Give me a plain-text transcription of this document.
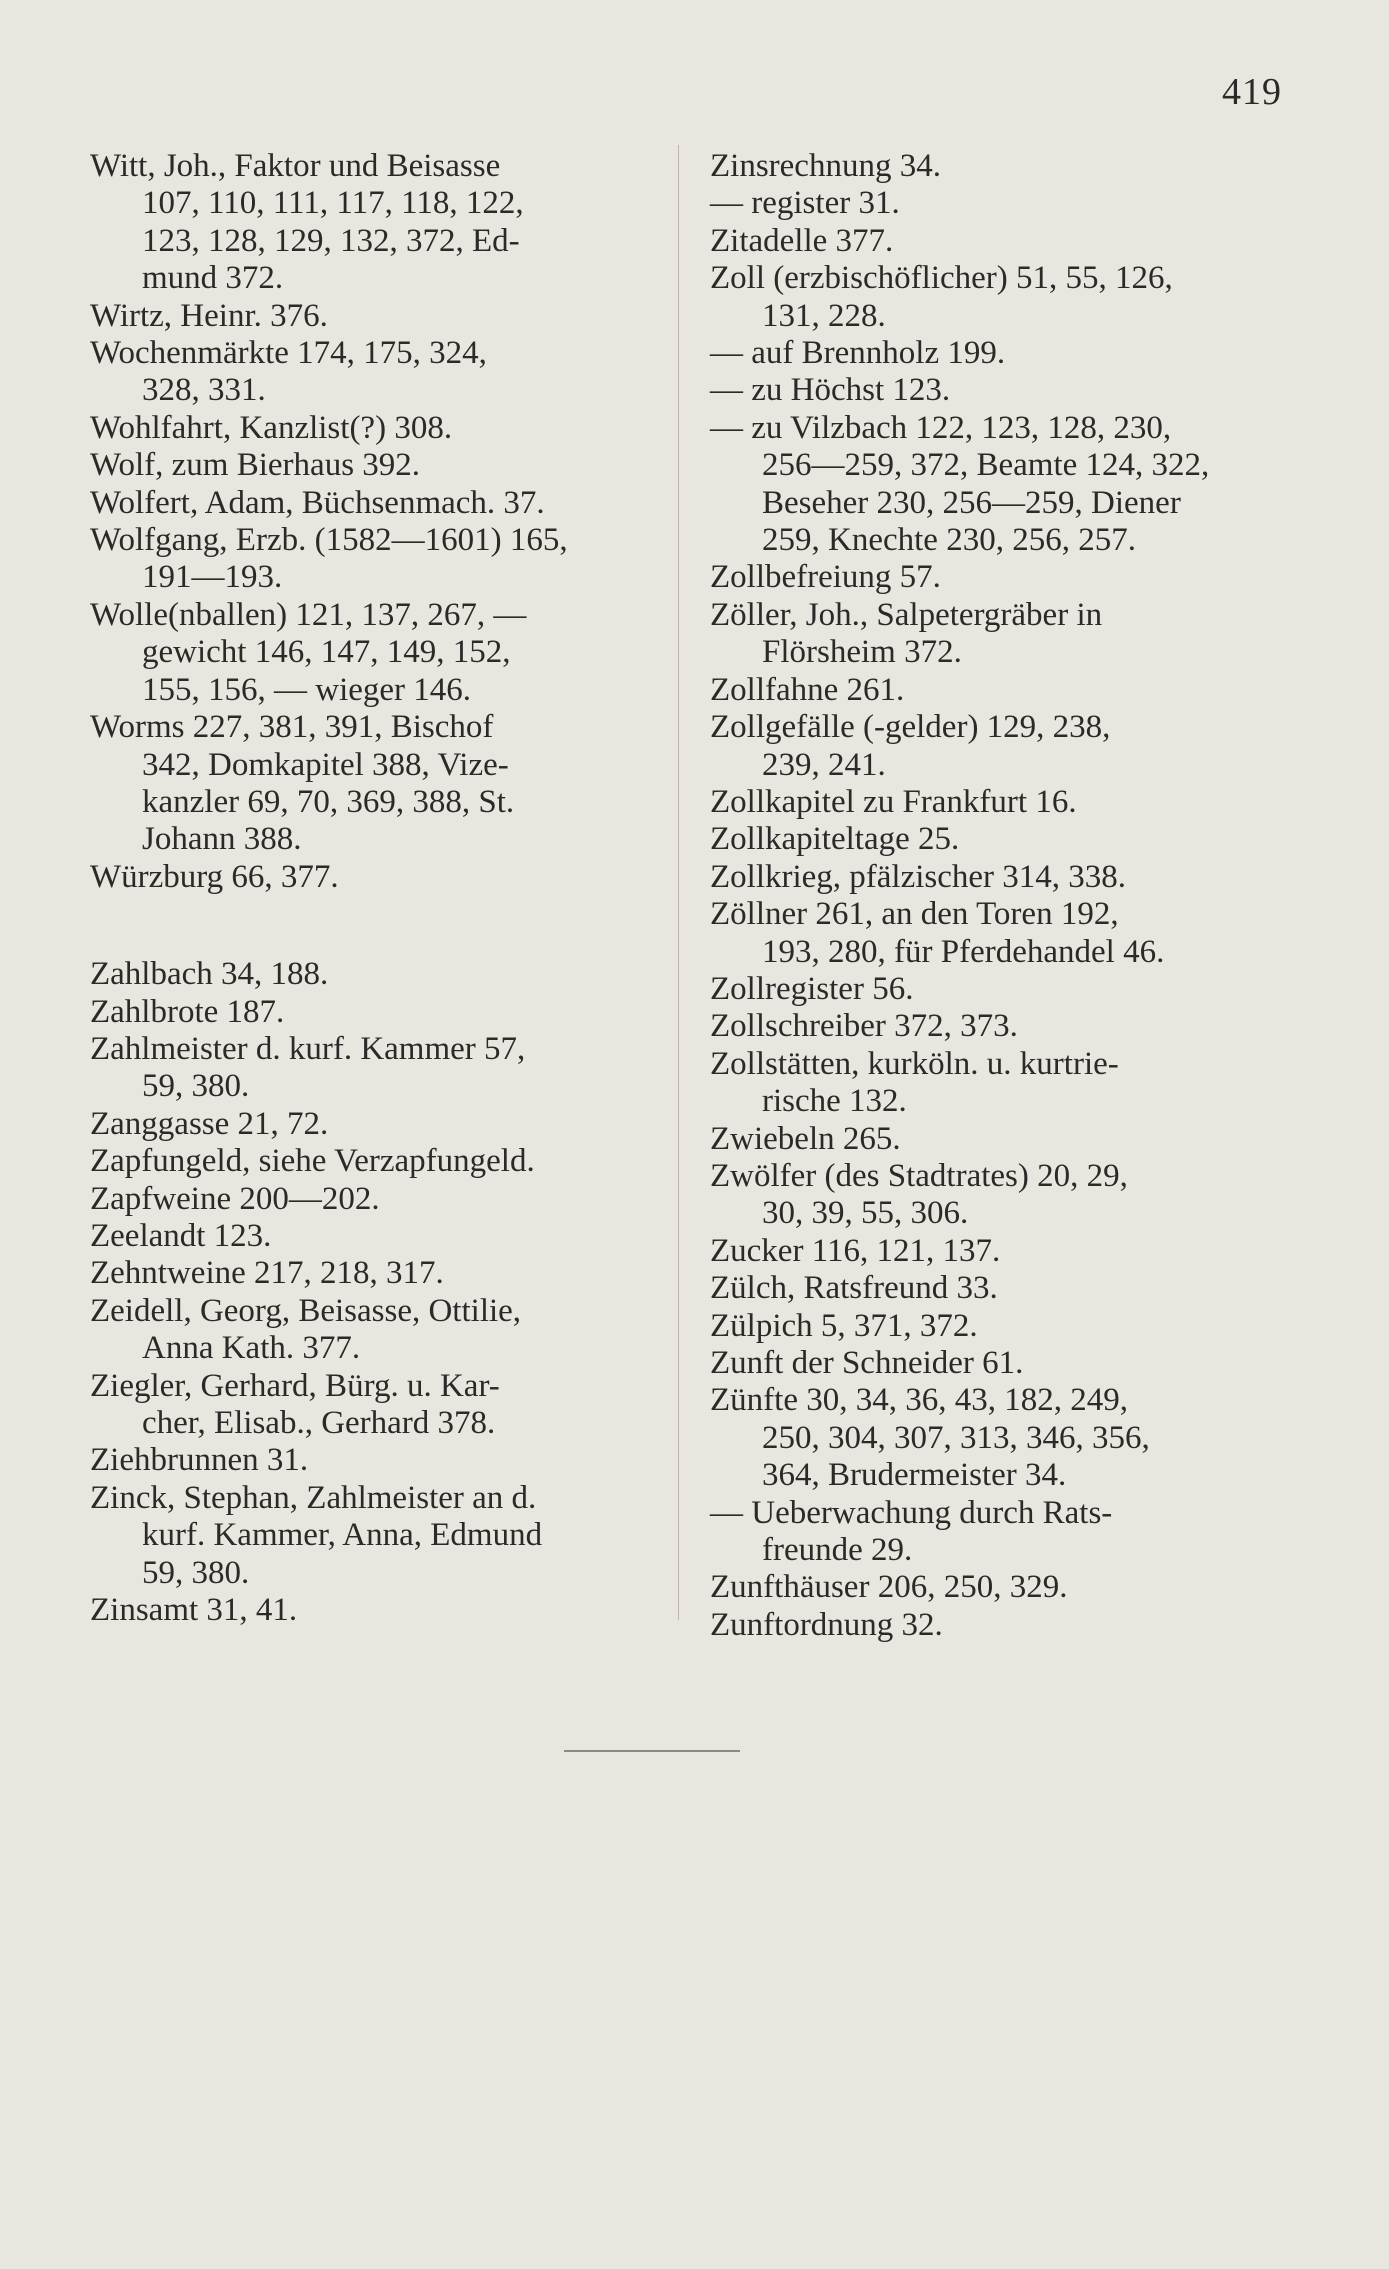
419
Witt, Joh., Faktor und Beisasse
107, 110, 111, 117, 118, 122,
123, 128, 129, 132, 372, Ed-
mund 372.
Wirtz, Heinr. 376.
Wochenmärkte 174, 175, 324,
328, 331.
Wohlfahrt, Kanzlist(?) 308.
Wolf, zum Bierhaus 392.
Wolfert, Adam, Büchsenmach. 37.
Wolfgang, Erzb. (1582—1601) 165,
191—193.
Wolle(nballen) 121, 137, 267, —
gewicht 146, 147, 149, 152,
155, 156, — wieger 146.
Worms 227, 381, 391, Bischof
342, Domkapitel 388, Vize-
kanzler 69, 70, 369, 388, St.
Johann 388.
Würzburg 66, 377.
Zahlbach 34, 188.
Zahlbrote 187.
Zahlmeister d. kurf. Kammer 57,
59, 380.
Zanggasse 21, 72.
Zapfungeld, siehe Verzapfungeld.
Zapfweine 200—202.
Zeelandt 123.
Zehntweine 217, 218, 317.
Zeidell, Georg, Beisasse, Ottilie,
Anna Kath. 377.
Ziegler, Gerhard, Bürg. u. Kar-
cher, Elisab., Gerhard 378.
Ziehbrunnen 31.
Zinck, Stephan, Zahlmeister an d.
kurf. Kammer, Anna, Edmund
59, 380.
Zinsamt 31, 41.
Zinsrechnung 34.
— register 31.
Zitadelle 377.
Zoll (erzbischöflicher) 51, 55, 126,
131, 228.
— auf Brennholz 199.
— zu Höchst 123.
— zu Vilzbach 122, 123, 128, 230,
256—259, 372, Beamte 124, 322,
Beseher 230, 256—259, Diener
259, Knechte 230, 256, 257.
Zollbefreiung 57.
Zöller, Joh., Salpetergräber in
Flörsheim 372.
Zollfahne 261.
Zollgefälle (-gelder) 129, 238,
239, 241.
Zollkapitel zu Frankfurt 16.
Zollkapiteltage 25.
Zollkrieg, pfälzischer 314, 338.
Zöllner 261, an den Toren 192,
193, 280, für Pferdehandel 46.
Zollregister 56.
Zollschreiber 372, 373.
Zollstätten, kurköln. u. kurtrie-
rische 132.
Zwiebeln 265.
Zwölfer (des Stadtrates) 20, 29,
30, 39, 55, 306.
Zucker 116, 121, 137.
Zülch, Ratsfreund 33.
Zülpich 5, 371, 372.
Zunft der Schneider 61.
Zünfte 30, 34, 36, 43, 182, 249,
250, 304, 307, 313, 346, 356,
364, Brudermeister 34.
— Ueberwachung durch Rats-
freunde 29.
Zunfthäuser 206, 250, 329.
Zunftordnung 32.
